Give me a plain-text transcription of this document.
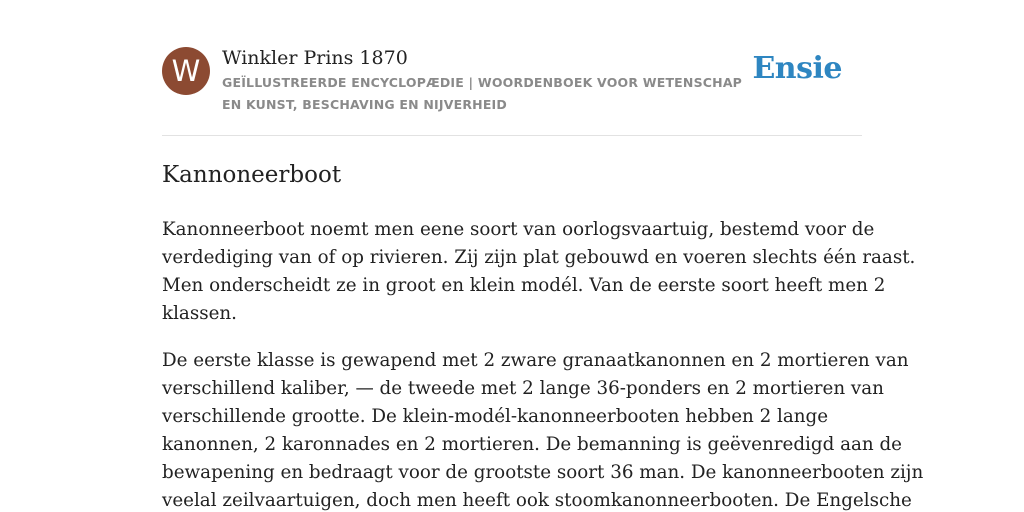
W	Winkler Prins 1870
GEÏLLUSTREERDE ENCYCLOPÆDIE | WOORDENBOEK VOOR WETENSCHAP EN KUNST, BESCHAVING EN NIJVERHEID
Ensie
Kannoneerboot

Kanonneerboot noemt men eene soort van oorlogsvaartuig, bestemd voor de
verdediging van of op rivieren. Zij zijn plat gebouwd en voeren slechts één raast.
Men onderscheidt ze in groot en klein modél. Van de eerste soort heeft men 2
klassen.

De eerste klasse is gewapend met 2 zware granaatkanonnen en 2 mortieren van
verschillend kaliber, — de tweede met 2 lange 36-ponders en 2 mortieren van
verschillende grootte. De klein-modél-kanonneerbooten hebben 2 lange
kanonnen, 2 karonnades en 2 mortieren. De bemanning is geëvenredigd aan de
bewapening en bedraagt voor de grootste soort 36 man. De kanonneerbooten zijn
veelal zeilvaartuigen, doch men heeft ook stoomkanonneerbooten. De Engelsche
